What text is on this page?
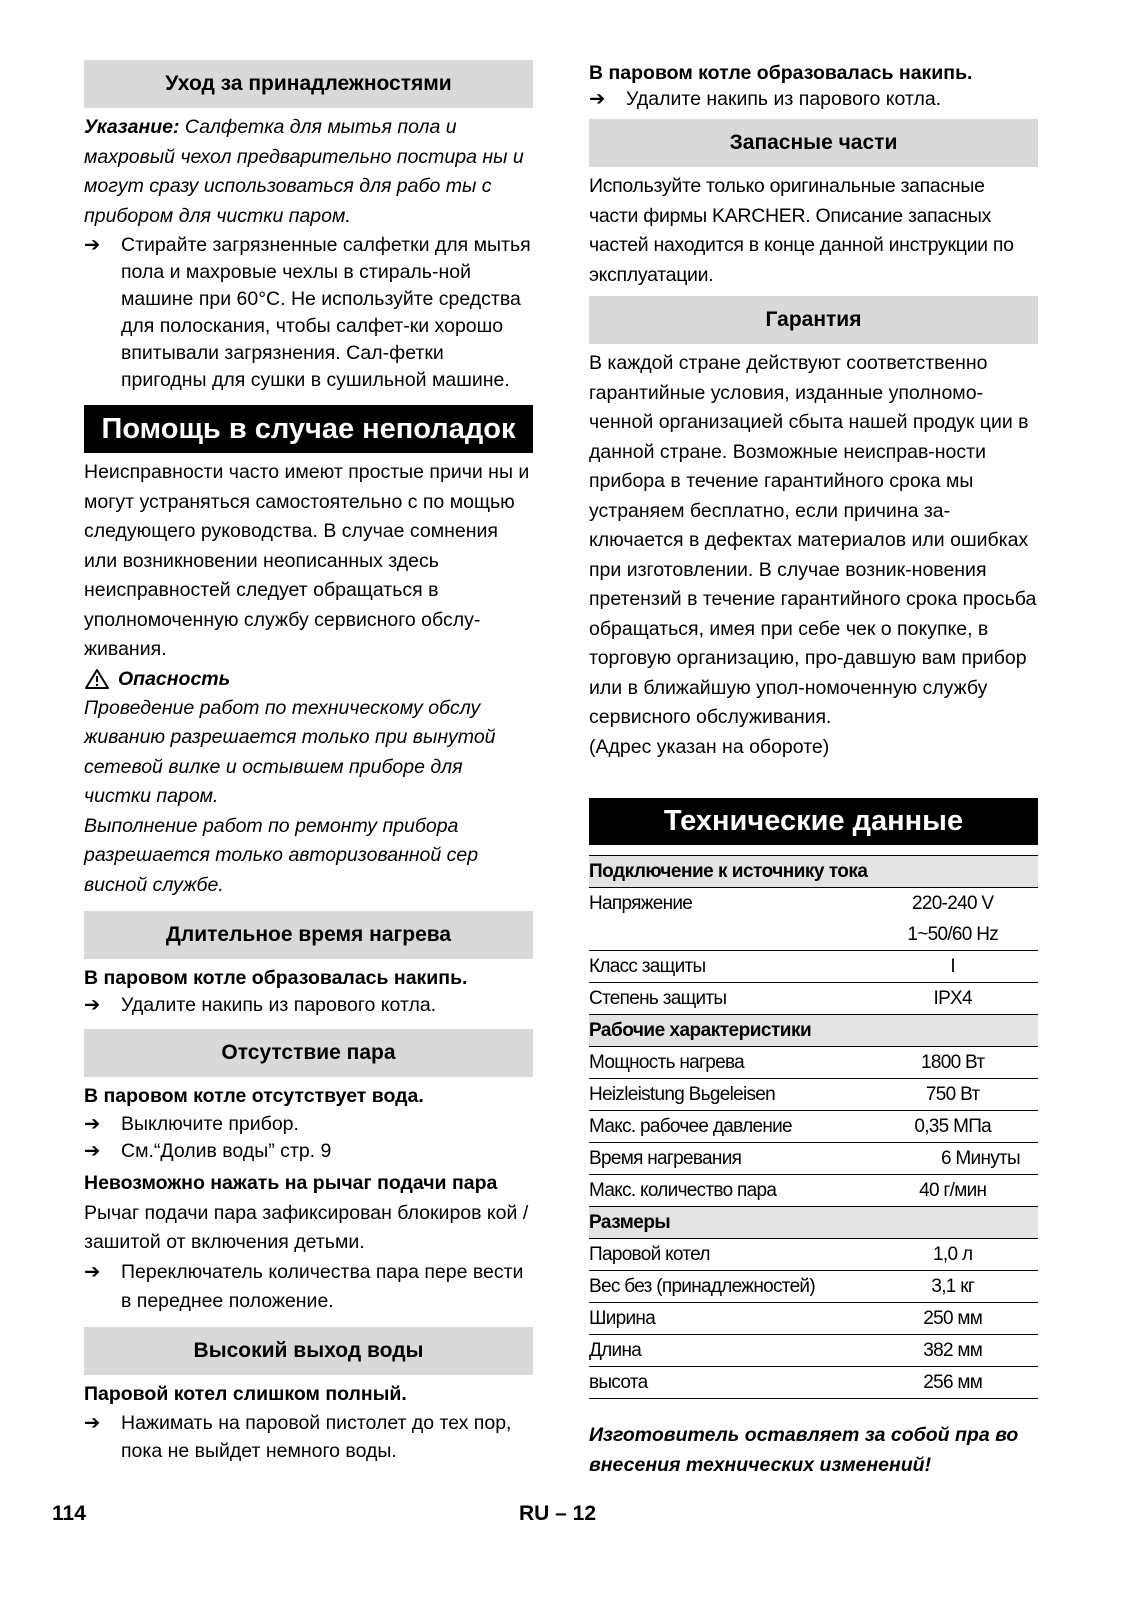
Уход за принадлежностями
Указание: Салфетка для мытья пола и махровый чехол предварительно постира ны и могут сразу использоваться для рабо ты с прибором для чистки паром.
➔	Стирайте загрязненные салфетки для мытья пола и махровые чехлы в стираль-ной машине при 60°C. Не используйте средства для полоскания, чтобы салфет-ки хорошо впитывали загрязнения. Сал-фетки пригодны для сушки в сушильной машине.
Помощь в случае неполадок
Неисправности часто имеют простые причи ны и могут устраняться самостоятельно с по мощью следующего руководства. В случае сомнения или возникновении неописанных здесь неисправностей следует обращаться в уполномоченную службу сервисного обслу-живания.
Опасность
Проведение работ по техническому обслу живанию разрешается только при вынутой сетевой вилке и остывшем приборе для чистки паром.
Выполнение работ по ремонту прибора разрешается только авторизованной сер висной службе.
Длительное время нагрева
В паровом котле образовалась накипь.
➔	Удалите накипь из парового котла.
Отсутствие пара
В паровом котле отсутствует вода.
➔	Выключите прибор.
➔	См.“Долив воды” стр. 9
Невозможно нажать на рычаг подачи пара
Рычаг подачи пара зафиксирован блокиров кой / зашитой от включения детьми.
➔	Переключатель количества пара пере вести в переднее положение.
Высокий выход воды
Паровой котел слишком полный.
➔	Нажимать на паровой пистолет до тех пор, пока не выйдет немного воды.
В паровом котле образовалась накипь.
➔	Удалите накипь из парового котла.
Запасные части
Используйте только оригинальные запасные части фирмы KARCHER. Описание запасных частей находится в конце данной инструкции по эксплуатации.
Гарантия
В каждой стране действуют соответственно гарантийные условия, изданные уполномо-ченной организацией сбыта нашей продук ции в данной стране. Возможные неисправ-ности прибора в течение гарантийного срока мы устраняем бесплатно, если причина за-ключается в дефектах материалов или ошибках при изготовлении. В случае возник-новения претензий в течение гарантийного срока просьба обращаться, имея при себе чек о покупке, в торговую организацию, про-давшую вам прибор или в ближайшую упол-номоченную службу сервисного обслуживания.
(Адрес указан на обороте)
Технические данные
Подключение к источнику тока	
Напряжение	220-240 V
	1~50/60 Hz
Класс защиты	I
Степень защиты	IPX4
Рабочие характеристики	
Мощность нагрева	1800 Вт
Heizleistung Bьgeleisen	750 Вт
Макс. рабочее давление	0,35 МПа
Время нагревания	6 Минуты
Макс. количество пара	40 г/мин
Размеры	
Паровой котел	1,0 л
Вес без (принадлежностей)	3,1 кг
Ширина	250 мм
Длина	382 мм
высота	256 мм
Изготовитель оставляет за собой пра во внесения технических изменений!
114	RU – 12
